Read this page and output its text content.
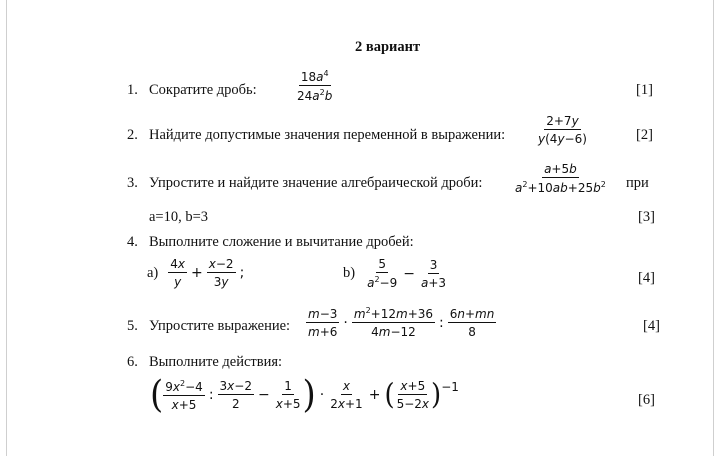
2 вариант
1. Сократите дробь:	$\frac{18a^4}{24a^2b}$	[1]
2. Найдите допустимые значения переменной в выражении:	$\frac{2+7y}{y(4y-6)}$	[2]
3. Упростите и найдите значение алгебраической дроби:	$\frac{a+5b}{a^2+10ab+25b^2}$ при
a=10, b=3	[3]
4. Выполните сложение и вычитание дробей:
$a) \frac{4x}{y} + \frac{x-2}{3y}$ ;	$b) \frac{5}{a^2-9} - \frac{3}{a+3}$	[4]
5. Упростите выражение: $\frac{m-3}{m+6} \cdot \frac{m^2+12m+36}{4m-12}$ : $\frac{6n+mn}{8}$	[4]
6. Выполните действия:
( $\frac{9x^2-4}{x+5}$ : $\frac{3x-2}{2} - \frac{1}{x+5}$ ) · $\frac{x}{2x+1}$ + ( $\frac{x+5}{5-2x}$ ) −1
[6]
